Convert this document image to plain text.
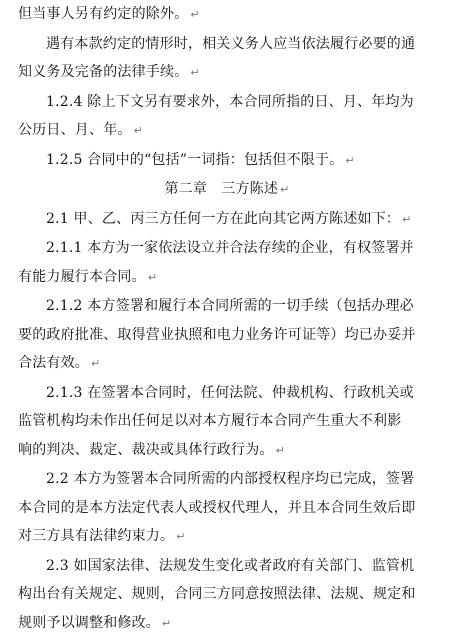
但当事人另有约定的除外。 ↵
遇有本款约定的情形时，相关义务人应当依法履行必要的通
知义务及完备的法律手续。 ↵
1.2.4 除上下文另有要求外，本合同所指的日、月、年均为
公历日、月、年。 ↵
1.2.5 合同中的“包括”一词指：包括但不限于。 ↵
第二章　三方陈述 ↵
2.1 甲、乙、丙三方任何一方在此向其它两方陈述如下： ↵
2.1.1 本方为一家依法设立并合法存续的企业，有权签署并
有能力履行本合同。 ↵
2.1.2 本方签署和履行本合同所需的一切手续（包括办理必
要的政府批准、取得营业执照和电力业务许可证等）均已办妥并
合法有效。 ↵
2.1.3 在签署本合同时，任何法院、仲裁机构、行政机关或
监管机构均未作出任何足以对本方履行本合同产生重大不利影
响的判决、裁定、裁决或具体行政行为。 ↵
2.2 本方为签署本合同所需的内部授权程序均已完成，签署
本合同的是本方法定代表人或授权代理人，并且本合同生效后即
对三方具有法律约束力。 ↵
2.3 如国家法律、法规发生变化或者政府有关部门、监管机
构出台有关规定、规则，合同三方同意按照法律、法规、规定和
规则予以调整和修改。 ↵
